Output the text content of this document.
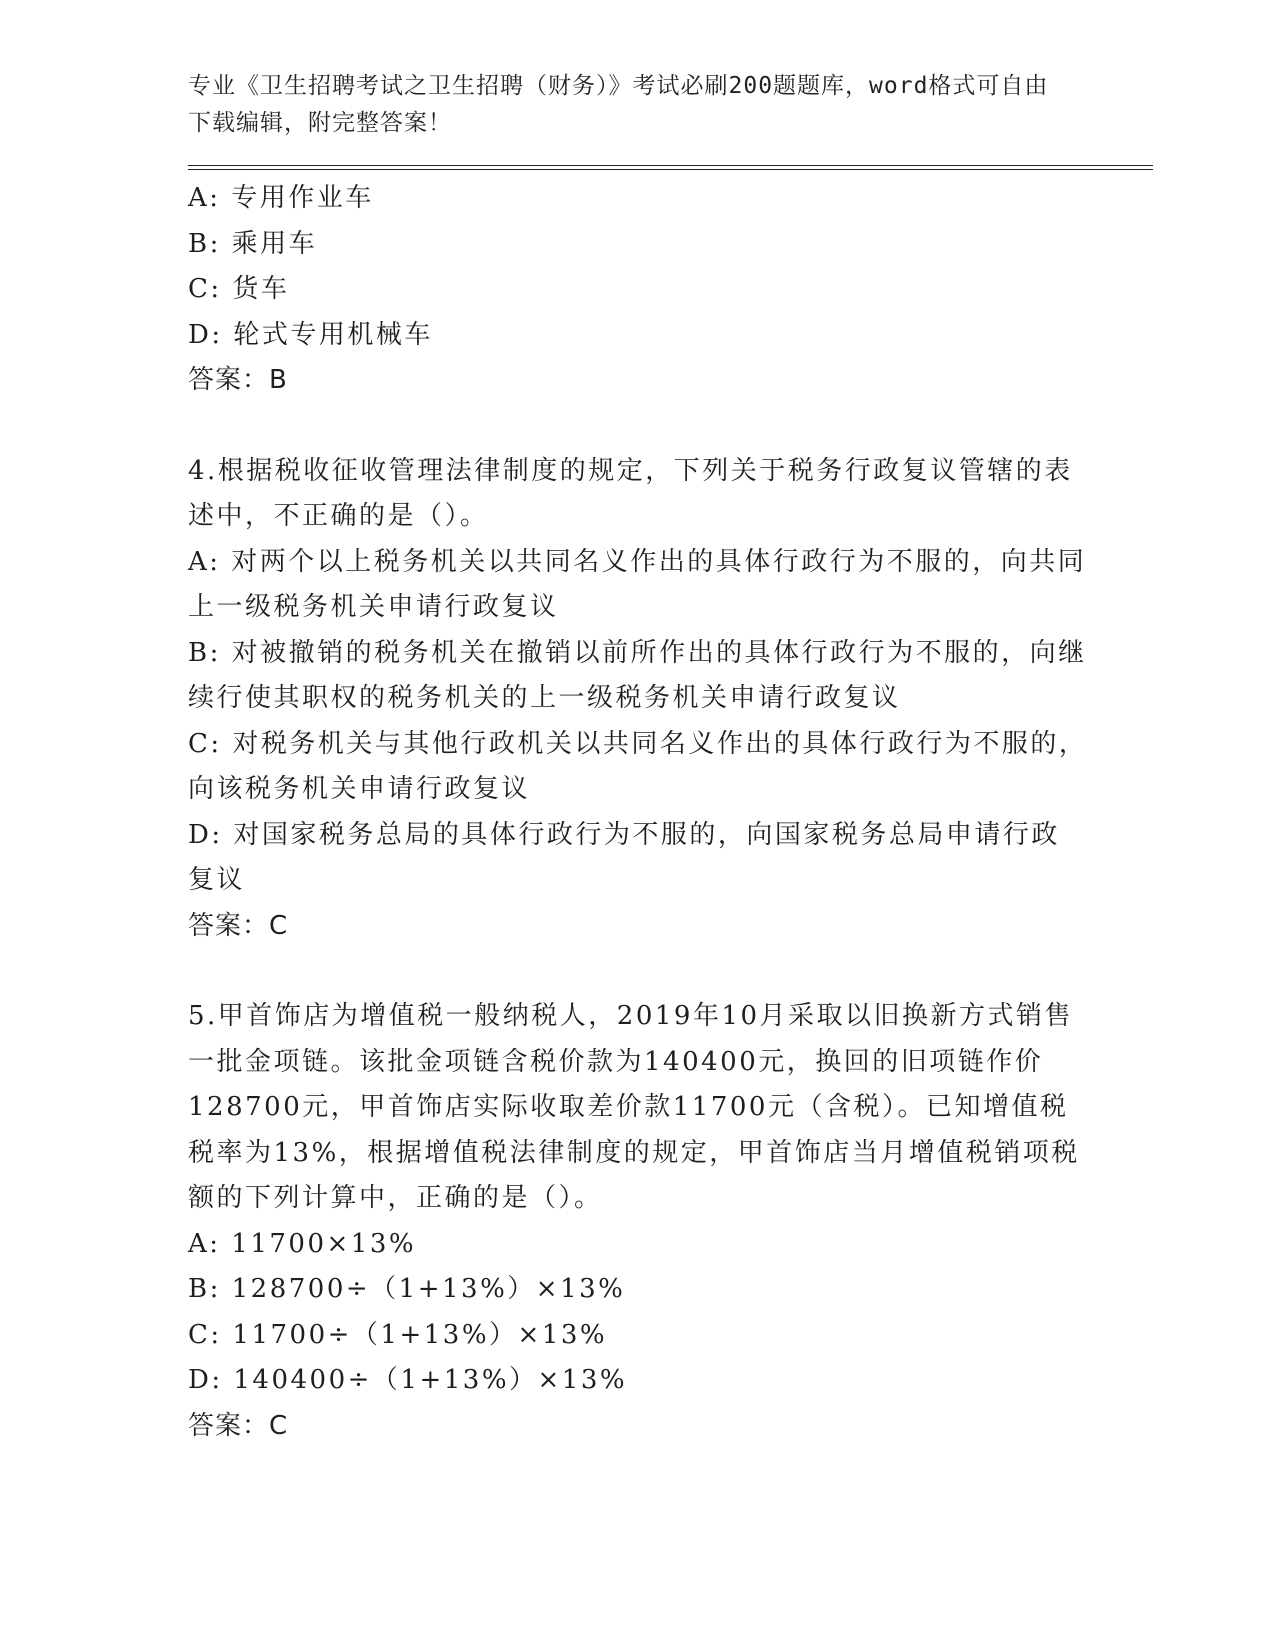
专业《卫生招聘考试之卫生招聘（财务）》考试必刷200题题库，word格式可自由下载编辑，附完整答案！
A: 专用作业车
B: 乘用车
C: 货车
D: 轮式专用机械车
答案：B
4.根据税收征收管理法律制度的规定，下列关于税务行政复议管辖的表述中，不正确的是（）。
A: 对两个以上税务机关以共同名义作出的具体行政行为不服的，向共同上一级税务机关申请行政复议
B: 对被撤销的税务机关在撤销以前所作出的具体行政行为不服的，向继续行使其职权的税务机关的上一级税务机关申请行政复议
C: 对税务机关与其他行政机关以共同名义作出的具体行政行为不服的，向该税务机关申请行政复议
D: 对国家税务总局的具体行政行为不服的，向国家税务总局申请行政复议
答案：C
5.甲首饰店为增值税一般纳税人，2019年10月采取以旧换新方式销售一批金项链。该批金项链含税价款为140400元，换回的旧项链作价128700元，甲首饰店实际收取差价款11700元（含税）。已知增值税税率为13%，根据增值税法律制度的规定，甲首饰店当月增值税销项税额的下列计算中，正确的是（）。
A: 11700×13%
B: 128700÷（1+13%）×13%
C: 11700÷（1+13%）×13%
D: 140400÷（1+13%）×13%
答案：C
